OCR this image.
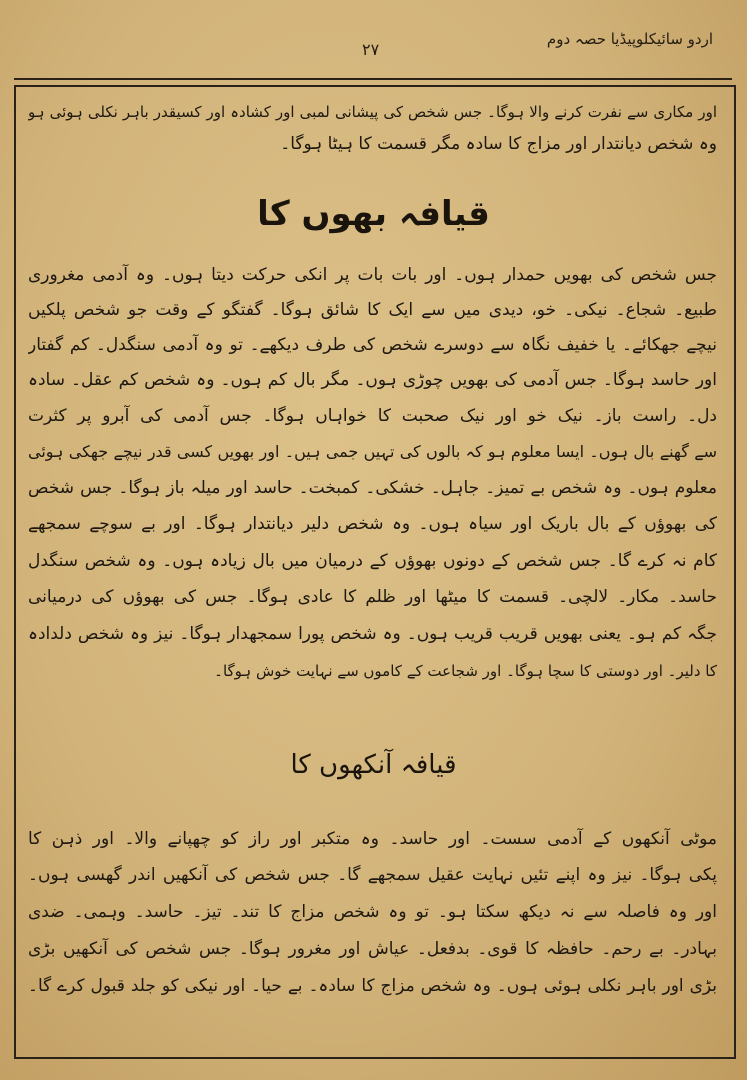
اردو سائیکلوپیڈیا حصہ دوم
۲۷
اور مکاری سے نفرت کرنے والا ہوگا۔ جس شخص کی پیشانی لمبی اور کشادہ اور کسیقدر باہر نکلی ہوئی ہو
وہ شخص دیانتدار اور مزاج کا سادہ مگر قسمت کا ہیٹا ہوگا۔
قیافہ بھوں کا
جس شخص کی بھویں حمدار ہوں۔ اور بات بات پر انکی حرکت دیتا ہوں۔ وہ آدمی مغروری
طبیع۔ شجاع۔ نیکی۔ خو، دیدی میں سے ایک کا شائق ہوگا۔ گفتگو کے وقت جو شخص پلکیں
نیچے جھکائے۔ یا خفیف نگاہ سے دوسرے شخص کی طرف دیکھے۔ تو وہ آدمی سنگدل۔ کم گفتار
اور حاسد ہوگا۔ جس آدمی کی بھویں چوڑی ہوں۔ مگر بال کم ہوں۔ وہ شخص کم عقل۔ سادہ
دل۔ راست باز۔ نیک خو اور نیک صحبت کا خواہاں ہوگا۔ جس آدمی کی آبرو پر کثرت
سے گھنے بال ہوں۔ ایسا معلوم ہو کہ بالوں کی تہیں جمی ہیں۔ اور بھویں کسی قدر نیچے جھکی ہوئی
معلوم ہوں۔ وہ شخص بے تمیز۔ جاہل۔ خشکی۔ کمبخت۔ حاسد اور میلہ باز ہوگا۔ جس شخص
کی بھوؤں کے بال باریک اور سیاہ ہوں۔ وہ شخص دلیر دیانتدار ہوگا۔ اور بے سوچے سمجھے
کام نہ کرے گا۔ جس شخص کے دونوں بھوؤں کے درمیان میں بال زیادہ ہوں۔ وہ شخص سنگدل
حاسد۔ مکار۔ لالچی۔ قسمت کا میٹھا اور ظلم کا عادی ہوگا۔ جس کی بھوؤں کی درمیانی
جگہ کم ہو۔ یعنی بھویں قریب قریب ہوں۔ وہ شخص پورا سمجھدار ہوگا۔ نیز وہ شخص دلدادہ
کا دلیر۔ اور دوستی کا سچا ہوگا۔ اور شجاعت کے کاموں سے نہایت خوش ہوگا۔
قیافہ آنکھوں کا
موٹی آنکھوں کے آدمی سست۔ اور حاسد۔ وہ متکبر اور راز کو چھپانے والا۔ اور ذہن کا
پکی ہوگا۔ نیز وہ اپنے تئیں نہایت عقیل سمجھے گا۔ جس شخص کی آنکھیں اندر گھسی ہوں۔
اور وہ فاصلہ سے نہ دیکھ سکتا ہو۔ تو وہ شخص مزاج کا تند۔ تیز۔ حاسد۔ وہمی۔ ضدی
بہادر۔ بے رحم۔ حافظہ کا قوی۔ بدفعل۔ عیاش اور مغرور ہوگا۔ جس شخص کی آنکھیں بڑی
بڑی اور باہر نکلی ہوئی ہوں۔ وہ شخص مزاج کا سادہ۔ بے حیا۔ اور نیکی کو جلد قبول کرے گا۔
